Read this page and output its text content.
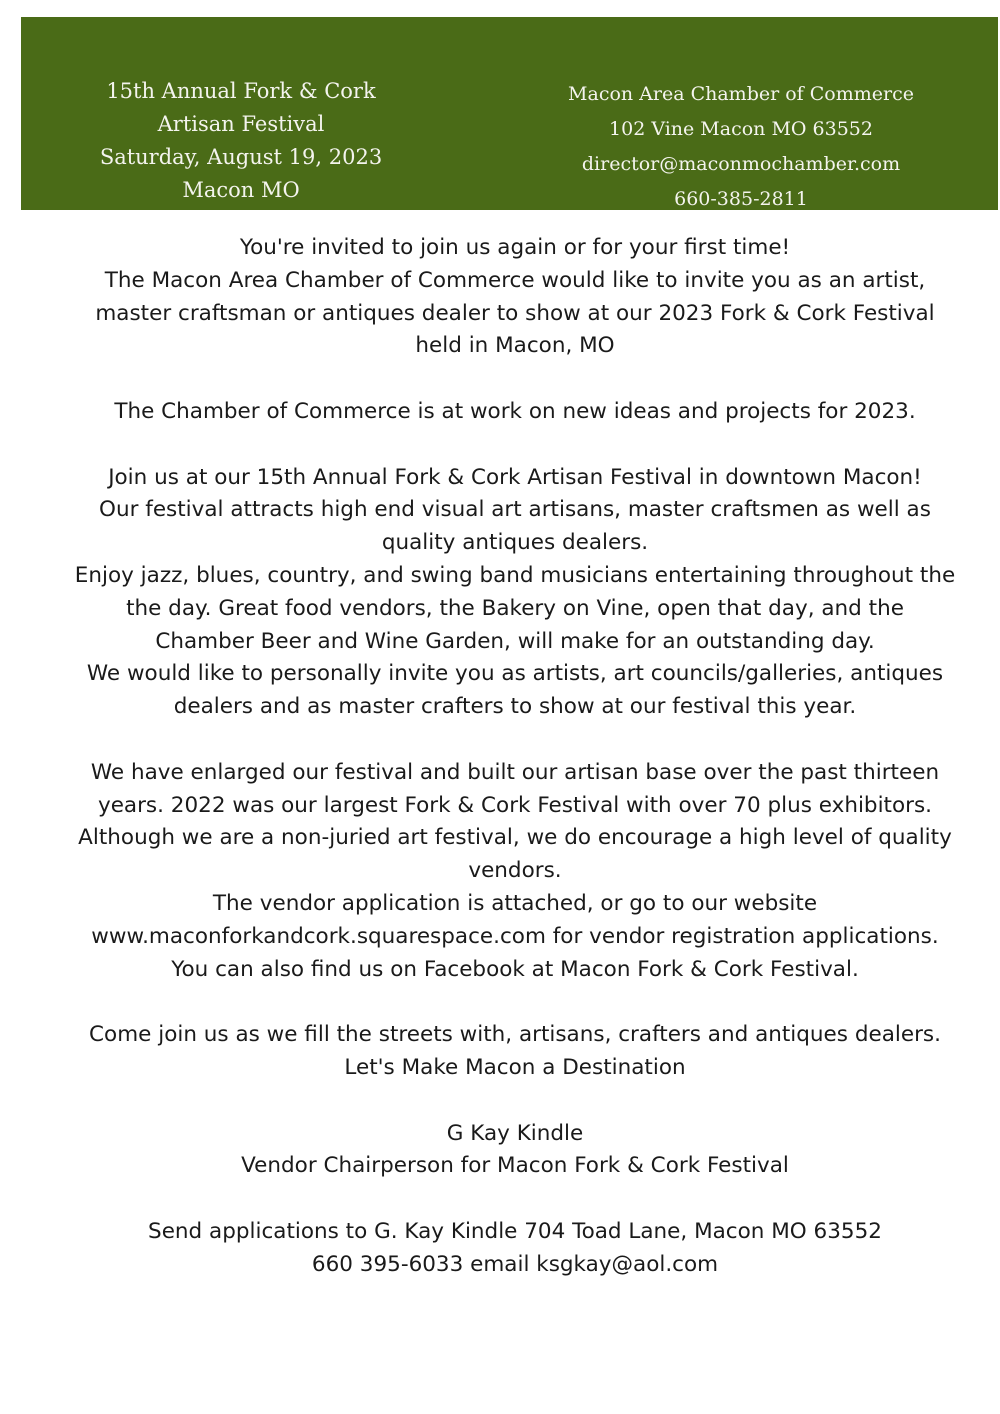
15th Annual Fork & Cork
Artisan Festival
Saturday, August 19, 2023
Macon MO
Macon Area Chamber of Commerce
102 Vine Macon MO 63552
director@maconmochamber.com
660-385-2811
You're invited to join us again or for your first time!
The Macon Area Chamber of Commerce would like to invite you as an artist,
master craftsman or antiques dealer to show at our 2023 Fork & Cork Festival
held in Macon, MO
The Chamber of Commerce is at work on new ideas and projects for 2023.
Join us at our 15th Annual Fork & Cork Artisan Festival in downtown Macon!
Our festival attracts high end visual art artisans, master craftsmen as well as
quality antiques dealers.
Enjoy jazz, blues, country, and swing band musicians entertaining throughout the
the day. Great food vendors, the Bakery on Vine, open that day, and the
Chamber Beer and Wine Garden, will make for an outstanding day.
We would like to personally invite you as artists, art councils/galleries, antiques
dealers and as master crafters to show at our festival this year.
We have enlarged our festival and built our artisan base over the past thirteen
years. 2022 was our largest Fork & Cork Festival with over 70 plus exhibitors.
Although we are a non-juried art festival, we do encourage a high level of quality
vendors.
The vendor application is attached, or go to our website
www.maconforkandcork.squarespace.com for vendor registration applications.
You can also find us on Facebook at Macon Fork & Cork Festival.
Come join us as we fill the streets with, artisans, crafters and antiques dealers.
Let's Make Macon a Destination
G Kay Kindle
Vendor Chairperson for Macon Fork & Cork Festival
Send applications to G. Kay Kindle 704 Toad Lane, Macon MO 63552
660 395-6033 email ksgkay@aol.com
